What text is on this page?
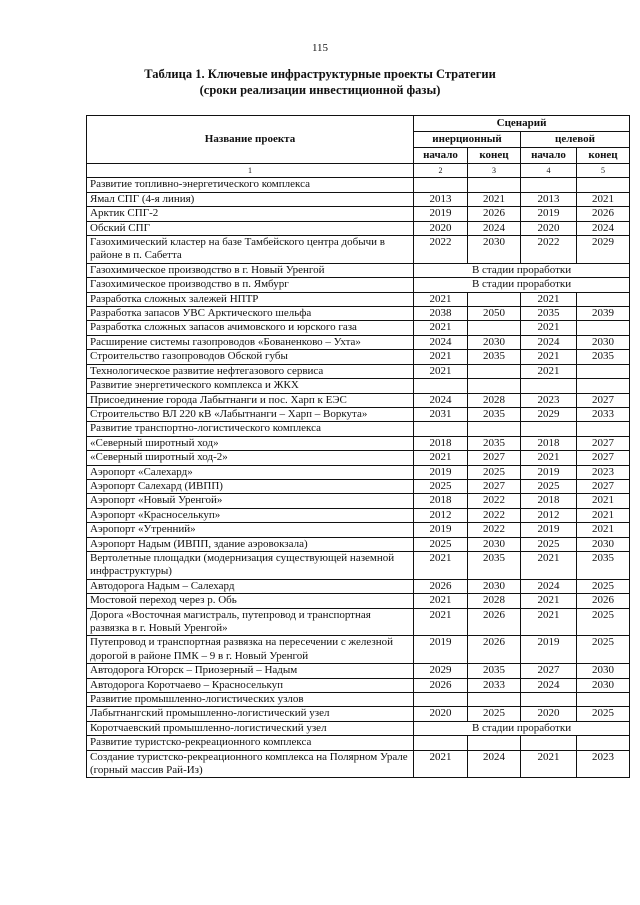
115
Таблица 1. Ключевые инфраструктурные проекты Стратегии
(сроки реализации инвестиционной фазы)
Название проекта	Сценарий			
	инерционный		целевой	
	начало	конец	начало	конец
1	2	3	4	5
Развитие топливно-энергетического комплекса				
Ямал СПГ (4-я линия)	2013	2021	2013	2021
Арктик СПГ-2	2019	2026	2019	2026
Обский СПГ	2020	2024	2020	2024
Газохимический кластер на базе Тамбейского центра добычи в районе в п. Сабетта	2022	2030	2022	2029
Газохимическое производство в г. Новый Уренгой	В стадии проработки			
Газохимическое производство в п. Ямбург	В стадии проработки			
Разработка сложных залежей НПТР	2021		2021	
Разработка запасов УВС Арктического шельфа	2038	2050	2035	2039
Разработка сложных запасов ачимовского и юрского газа	2021		2021	
Расширение системы газопроводов «Бованенково – Ухта»	2024	2030	2024	2030
Строительство газопроводов Обской губы	2021	2035	2021	2035
Технологическое развитие нефтегазового сервиса	2021		2021	
Развитие энергетического комплекса и ЖКХ				
Присоединение города Лабытнанги и пос. Харп к ЕЭС	2024	2028	2023	2027
Строительство ВЛ 220 кВ «Лабытнанги – Харп – Воркута»	2031	2035	2029	2033
Развитие транспортно-логистического комплекса				
«Северный широтный ход»	2018	2035	2018	2027
«Северный широтный ход-2»	2021	2027	2021	2027
Аэропорт «Салехард»	2019	2025	2019	2023
Аэропорт Салехард (ИВПП)	2025	2027	2025	2027
Аэропорт «Новый Уренгой»	2018	2022	2018	2021
Аэропорт «Красноселькуп»	2012	2022	2012	2021
Аэропорт «Утренний»	2019	2022	2019	2021
Аэропорт Надым (ИВПП, здание аэровокзала)	2025	2030	2025	2030
Вертолетные площадки (модернизация существующей наземной инфраструктуры)	2021	2035	2021	2035
Автодорога Надым – Салехард	2026	2030	2024	2025
Мостовой переход через р. Обь	2021	2028	2021	2026
Дорога «Восточная магистраль, путепровод и транспортная развязка в г. Новый Уренгой»	2021	2026	2021	2025
Путепровод и транспортная развязка на пересечении с железной дорогой в районе ПМК – 9 в г. Новый Уренгой	2019	2026	2019	2025
Автодорога Югорск – Приозерный – Надым	2029	2035	2027	2030
Автодорога Коротчаево – Красноселькуп	2026	2033	2024	2030
Развитие промышленно-логистических узлов				
Лабытнангский промышленно-логистический узел	2020	2025	2020	2025
Коротчаевский промышленно-логистический узел	В стадии проработки			
Развитие туристско-рекреационного комплекса				
Создание туристско-рекреационного комплекса на Полярном Урале (горный массив Рай-Из)	2021	2024	2021	2023
